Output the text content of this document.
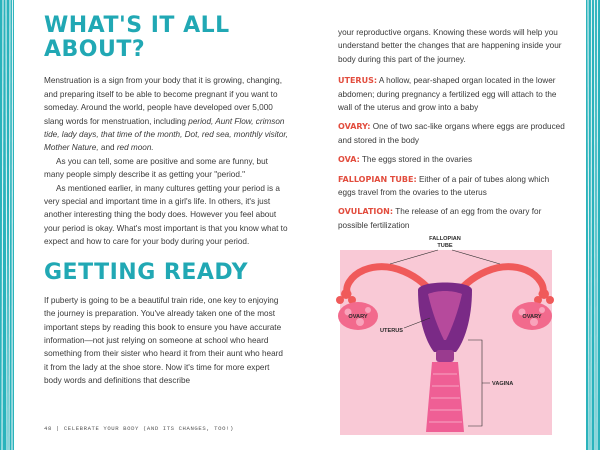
WHAT'S IT ALL ABOUT?

Menstruation is a sign from your body that it is growing, changing, and preparing itself to be able to become pregnant if you want to someday. Around the world, people have developed over 5,000 slang words for menstruation, including period, Aunt Flow, crimson tide, lady days, that time of the month, Dot, red sea, monthly visitor, Mother Nature, and red moon.

As you can tell, some are positive and some are funny, but many people simply describe it as getting your "period."

As mentioned earlier, in many cultures getting your period is a very special and important time in a girl's life. In others, it's just another interesting thing the body does. However you feel about your period is okay. What's most important is that you know what to expect and how to care for your body during your period.

GETTING READY

If puberty is going to be a beautiful train ride, one key to enjoying the journey is preparation. You've already taken one of the most important steps by reading this book to ensure you have accurate information—not just relying on someone at school who heard something from their sister who heard it from their aunt who heard it from the lady at the shoe store. Now it's time for more expert body words and definitions that describe

your reproductive organs. Knowing these words will help you understand better the changes that are happening inside your body during this part of the journey.

UTERUS: A hollow, pear-shaped organ located in the lower abdomen; during pregnancy a fertilized egg will attach to the wall of the uterus and grow into a baby

OVARY: One of two sac-like organs where eggs are produced and stored in the body

OVA: The eggs stored in the ovaries

FALLOPIAN TUBE: Either of a pair of tubes along which eggs travel from the ovaries to the uterus

OVULATION: The release of an egg from the ovary for possible fertilization

FALLOPIAN
TUBE
OVARY	OVARY
UTERUS
VAGINA
48 | CELEBRATE YOUR BODY (AND ITS CHANGES, TOO!)
